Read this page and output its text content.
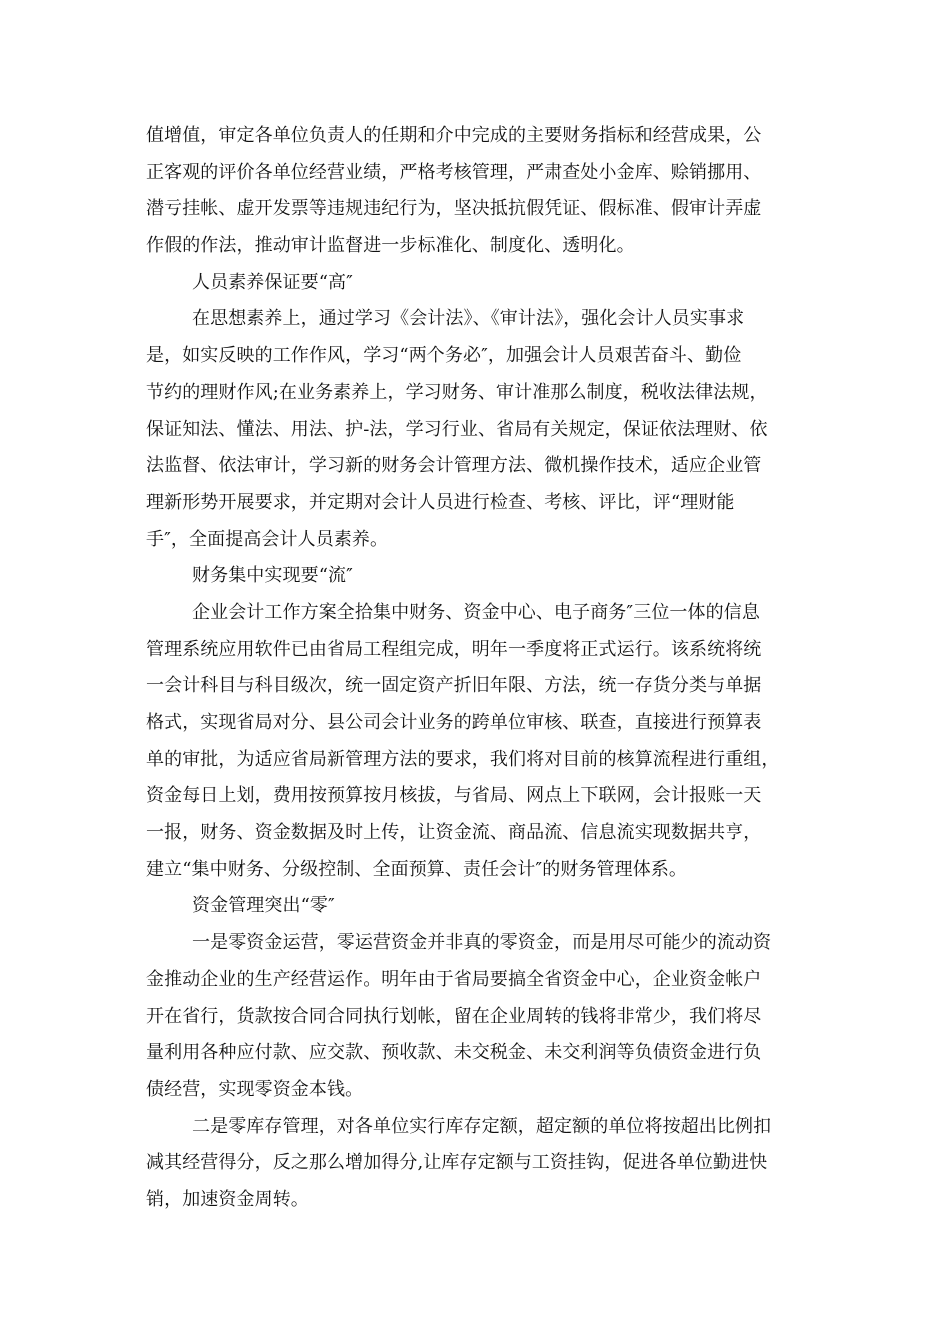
值增值，审定各单位负责人的任期和介中完成的主要财务指标和经营成果，公
正客观的评价各单位经营业绩，严格考核管理，严肃查处小金库、赊销挪用、
潜亏挂帐、虚开发票等违规违纪行为，坚决抵抗假凭证、假标准、假审计弄虚
作假的作法，推动审计监督进一步标准化、制度化、透明化。

人员素养保证要“高″

在思想素养上，通过学习《会计法》、《审计法》，强化会计人员实事求
是，如实反映的工作作风，学习“两个务必″，加强会计人员艰苦奋斗、勤俭
节约的理财作风;在业务素养上，学习财务、审计准那么制度，税收法律法规，
保证知法、懂法、用法、护-法，学习行业、省局有关规定，保证依法理财、依
法监督、依法审计，学习新的财务会计管理方法、微机操作技术，适应企业管
理新形势开展要求，并定期对会计人员进行检查、考核、评比，评“理财能
手″，全面提高会计人员素养。

财务集中实现要“流″

企业会计工作方案全拾集中财务、资金中心、电子商务″三位一体的信息
管理系统应用软件已由省局工程组完成，明年一季度将正式运行。该系统将统
一会计科目与科目级次，统一固定资产折旧年限、方法，统一存货分类与单据
格式，实现省局对分、县公司会计业务的跨单位审核、联查，直接进行预算表
单的审批，为适应省局新管理方法的要求，我们将对目前的核算流程进行重组，
资金每日上划，费用按预算按月核拔，与省局、网点上下联网，会计报账一天
一报，财务、资金数据及时上传，让资金流、商品流、信息流实现数据共亨，
建立“集中财务、分级控制、全面预算、责任会计″的财务管理体系。

资金管理突出“零″

一是零资金运营，零运营资金并非真的零资金，而是用尽可能少的流动资
金推动企业的生产经营运作。明年由于省局要搞全省资金中心，企业资金帐户
开在省行，货款按合同合同执行划帐，留在企业周转的钱将非常少，我们将尽
量利用各种应付款、应交款、预收款、未交税金、未交利润等负债资金进行负
债经营，实现零资金本钱。

二是零库存管理，对各单位实行库存定额，超定额的单位将按超出比例扣
减其经营得分，反之那么增加得分,让库存定额与工资挂钩，促进各单位勤进快
销，加速资金周转。
